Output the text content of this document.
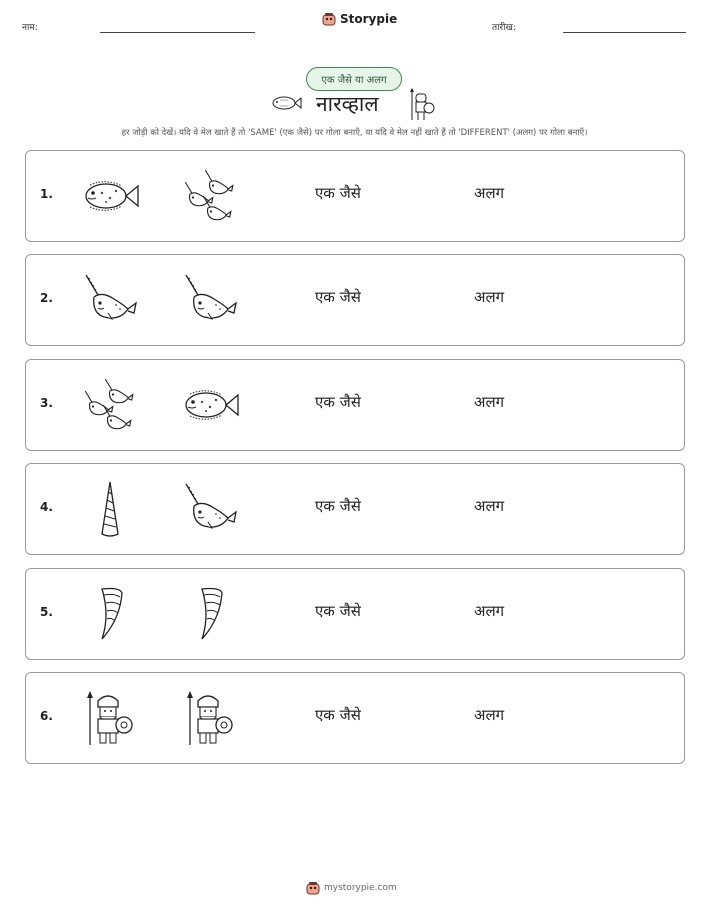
नाम:
Storypie
तारीख:
एक जैसे या अलग
नारव्हाल
हर जोड़ी को देखें। यदि वे मेल खाते हैं तो 'SAME' (एक जैसे) पर गोला बनाएँ, या यदि वे मेल नहीं खाते हैं तो 'DIFFERENT' (अलग) पर गोला बनाएँ।
1.	एक जैसे	अलग
2.	एक जैसे	अलग
3.	एक जैसे	अलग
4.	एक जैसे	अलग
5.	एक जैसे	अलग
6.	एक जैसे	अलग
mystorypie.com
